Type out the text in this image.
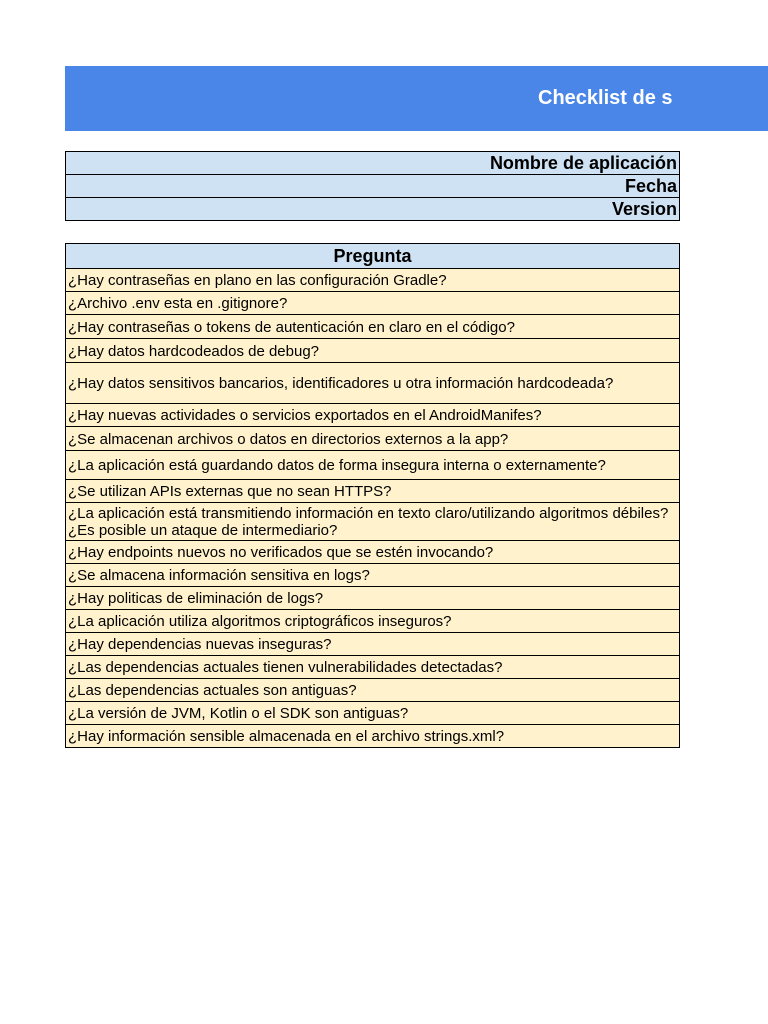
Checklist de s
Nombre de aplicación
Fecha
Version
Pregunta
¿Hay contraseñas en plano en las configuración Gradle?
¿Archivo .env esta en .gitignore?
¿Hay contraseñas o tokens de autenticación en claro en el código?
¿Hay datos hardcodeados de debug?
¿Hay datos sensitivos bancarios, identificadores u otra información hardcodeada?
¿Hay nuevas actividades o servicios exportados en el AndroidManifes?
¿Se almacenan archivos o datos en directorios externos a la app?
¿La aplicación está guardando datos de forma insegura interna o externamente?
¿Se utilizan APIs externas que no sean HTTPS?
¿La aplicación está transmitiendo información en texto claro/utilizando algoritmos débiles? ¿Es posible un ataque de intermediario?
¿Hay endpoints nuevos no verificados que se estén invocando?
¿Se almacena información sensitiva en logs?
¿Hay politicas de eliminación de logs?
¿La aplicación utiliza algoritmos criptográficos inseguros?
¿Hay dependencias nuevas inseguras?
¿Las dependencias actuales tienen vulnerabilidades detectadas?
¿Las dependencias actuales son antiguas?
¿La versión de JVM, Kotlin o el SDK son antiguas?
¿Hay información sensible almacenada en el archivo strings.xml?
